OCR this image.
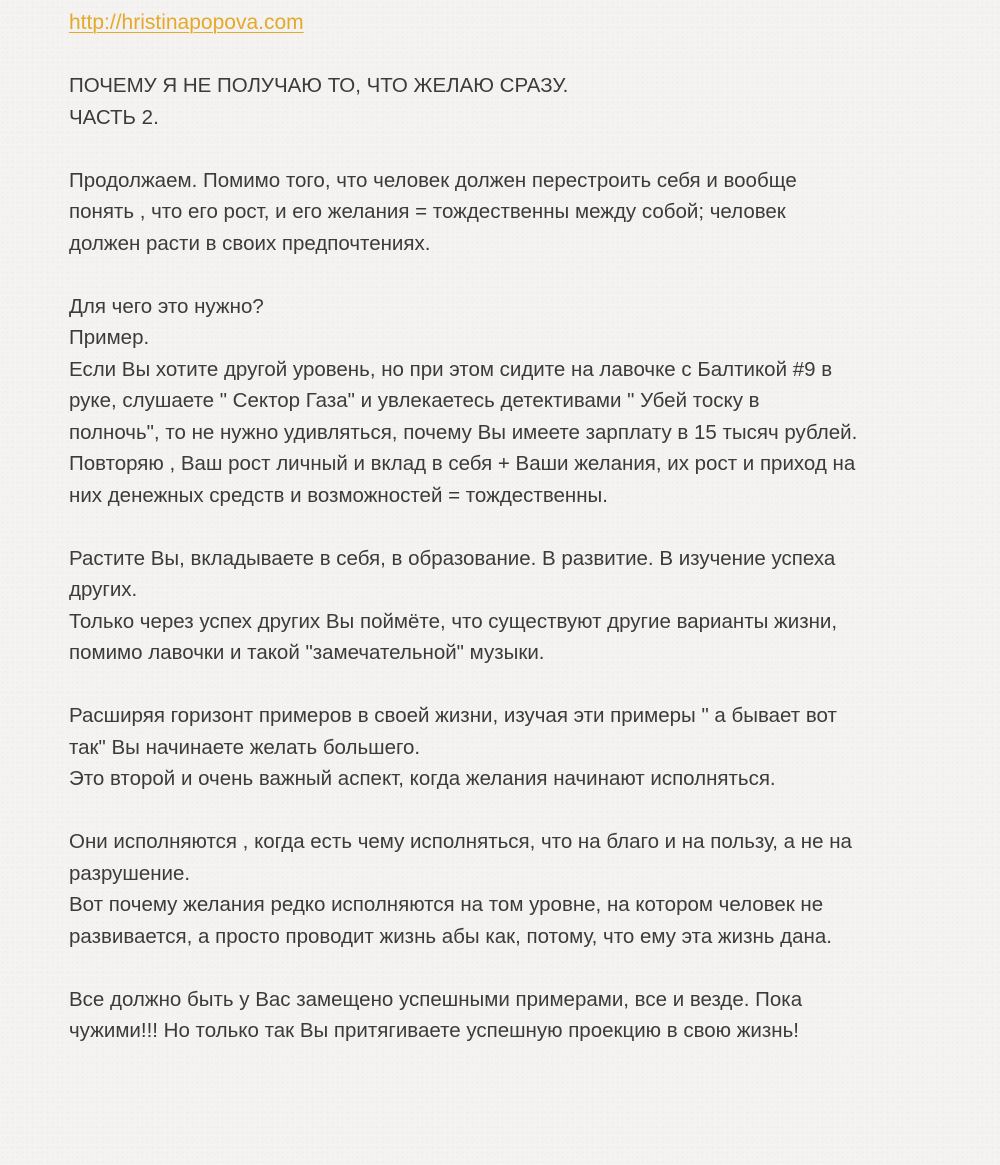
http://hristinapopova.com
ПОЧЕМУ Я НЕ ПОЛУЧАЮ ТО, ЧТО ЖЕЛАЮ СРАЗУ.
ЧАСТЬ 2.
Продолжаем. Помимо того, что человек должен перестроить себя и вообще
понять , что его рост, и его желания = тождественны между собой; человек
должен расти в своих предпочтениях.
Для чего это нужно?
Пример.
Если Вы хотите другой уровень, но при этом сидите на лавочке с Балтикой #9 в
руке, слушаете " Сектор Газа" и увлекаетесь детективами " Убей тоску в
полночь", то не нужно удивляться, почему Вы имеете зарплату в 15 тысяч рублей.
Повторяю , Ваш рост личный и вклад в себя + Ваши желания, их рост и приход на
них денежных средств и возможностей = тождественны.
Растите Вы, вкладываете в себя, в образование. В развитие. В изучение успеха
других.
Только через успех других Вы поймёте, что существуют другие варианты жизни,
помимо лавочки и такой "замечательной" музыки.
Расширяя горизонт примеров в своей жизни, изучая эти примеры " а бывает вот
так" Вы начинаете желать большего.
Это второй и очень важный аспект, когда желания начинают исполняться.
Они исполняются , когда есть чему исполняться, что на благо и на пользу, а не на
разрушение.
Вот почему желания редко исполняются на том уровне, на котором человек не
развивается, а просто проводит жизнь абы как, потому, что ему эта жизнь дана.
Все должно быть у Вас замещено успешными примерами, все и везде. Пока
чужими!!! Но только так Вы притягиваете успешную проекцию в свою жизнь!
